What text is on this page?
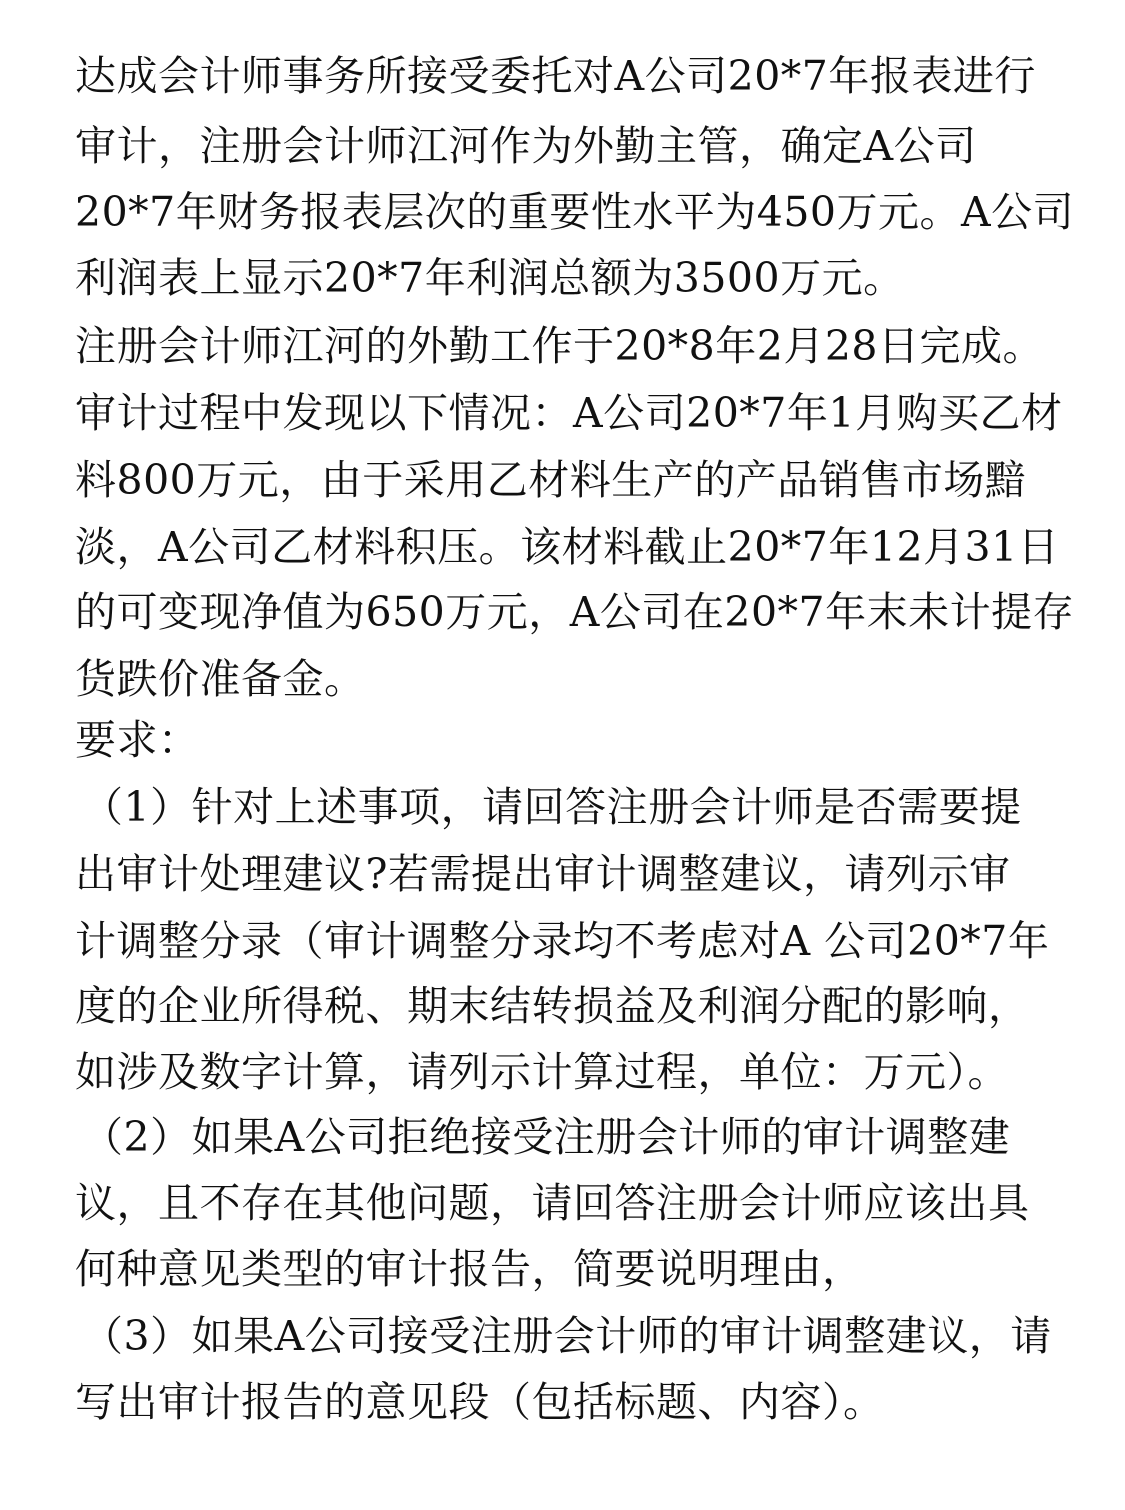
达成会计师事务所接受委托对A公司20*7年报表进行
审计，注册会计师江河作为外勤主管，确定A公司
20*7年财务报表层次的重要性水平为450万元。A公司
利润表上显示20*7年利润总额为3500万元。
注册会计师江河的外勤工作于20*8年2月28日完成。
审计过程中发现以下情况：A公司20*7年1月购买乙材
料800万元，由于采用乙材料生产的产品销售市场黯
淡，A公司乙材料积压。该材料截止20*7年12月31日
的可变现净值为650万元，A公司在20*7年末未计提存
货跌价准备金。
要求：
（1）针对上述事项，请回答注册会计师是否需要提
出审计处理建议?若需提出审计调整建议，请列示审
计调整分录（审计调整分录均不考虑对A 公司20*7年
度的企业所得税、期末结转损益及利润分配的影响，
如涉及数字计算，请列示计算过程，单位：万元）。
（2）如果A公司拒绝接受注册会计师的审计调整建
议，且不存在其他问题，请回答注册会计师应该出具
何种意见类型的审计报告，简要说明理由，
（3）如果A公司接受注册会计师的审计调整建议，请
写出审计报告的意见段（包括标题、内容）。
